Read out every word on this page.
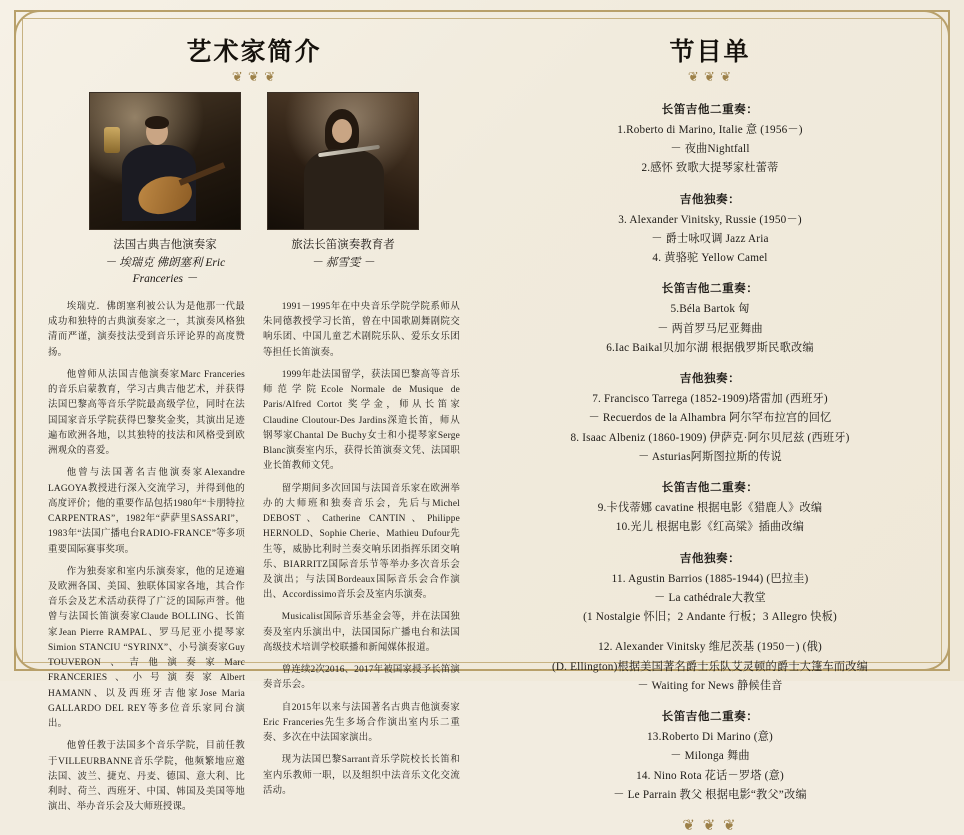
艺术家简介
❦ ❦ ❦
法国古典吉他演奏家
－ 埃瑞克 佛朗塞利 Eric Franceries －
旅法长笛演奏教育者
－ 郝雪雯 －

埃瑞克．佛朗塞利被公认为是他那一代最成功和独特的古典演奏家之一，其演奏风格独清而严谨，演奏技法受到音乐评论界的高度赞扬。

他曾师从法国吉他演奏家Marc Franceries的音乐启蒙教育，学习古典吉他艺术，并获得法国巴黎高等音乐学院最高级学位，同时在法国国家音乐学院获得巴黎奖金奖，其演出足迹遍布欧洲各地，以其独特的技法和风格受到欧洲观众的喜爱。

他曾与法国著名吉他演奏家Alexandre LAGOYA教授进行深入交流学习，并得到他的高度评价；他的重要作品包括1980年“卡朋特拉CARPENTRAS”，1982年“萨萨里SASSARI”，1983年“法国广播电台RADIO-FRANCE”等多项重要国际赛事奖项。

作为独奏家和室内乐演奏家，他的足迹遍及欧洲各国、美国、独联体国家各地，其合作音乐会及艺术活动获得了广泛的国际声誉。他曾与法国长笛演奏家Claude BOLLING、长笛家Jean Pierre RAMPAL、罗马尼亚小提琴家Simion STANCIU “SYRINX”、小号演奏家Guy TOUVERON、吉他演奏家Marc FRANCERIES、小号演奏家Albert HAMANN、以及西班牙吉他家Jose Maria GALLARDO DEL REY等多位音乐家同台演出。

他曾任教于法国多个音乐学院，目前任教于VILLEURBANNE音乐学院，他频繁地应邀法国、波兰、捷克、丹麦、德国、意大利、比利时、荷兰、西班牙、中国、韩国及美国等地演出、举办音乐会及大师班授课。

1991－1995年在中央音乐学院学院系师从朱同德教授学习长笛，曾在中国歌剧舞剧院交响乐团、中国儿童艺术剧院乐队、爱乐女乐团等担任长笛演奏。

1999年赴法国留学，获法国巴黎高等音乐师范学院Ecole Normale de Musique de Paris/Alfred Cortot 奖学金，师从长笛家Claudine Cloutour-Des Jardins深造长笛，师从钢琴家Chantal De Buchy女士和小提琴家Serge Blanc演奏室内乐，获得长笛演奏文凭、法国职业长笛教师文凭。

留学期间多次回国与法国音乐家在欧洲举办的大师班和独奏音乐会，先后与Michel DEBOST、Catherine CANTIN、Philippe HERNOLD、Sophie Cherie、Mathieu Dufour先生等，威胁比利时兰奏交响乐团指挥乐团交响乐、BIARRITZ国际音乐节等举办多次音乐会及演出；与法国Bordeaux国际音乐会合作演出、Accordissimo音乐会及室内乐演奏。

Musicalist国际音乐基金会等，并在法国独奏及室内乐演出中，法国国际广播电台和法国高级技术培训学校联播和新闻媒体报道。

曾连续2次2016、2017年被国家授予长笛演奏音乐会。

自2015年以来与法国著名古典吉他演奏家Eric Franceries先生多场合作演出室内乐二重奏、多次在中法国家演出。

现为法国巴黎Sarrant音乐学院校长长笛和室内乐教师一职，以及组织中法音乐文化交流活动。

节目单
❦ ❦ ❦
长笛吉他二重奏：
1.Roberto di Marino, Italie 意 (1956－)
－ 夜曲Nightfall
2.感怀 致歌大提琴家杜蕾蒂
吉他独奏：
3. Alexander Vinitsky, Russie (1950－)
－ 爵士咏叹调 Jazz Aria
4. 黄骆驼 Yellow Camel
长笛吉他二重奏：
5.Béla Bartok 匈
－ 两首罗马尼亚舞曲
6.Iac Baikal贝加尔湖 根据俄罗斯民歌改编
吉他独奏：
7. Francisco Tarrega (1852-1909)塔雷加 (西班牙)
－ Recuerdos de la Alhambra 阿尔罕布拉宫的回忆
8. Isaac Albeniz (1860-1909) 伊萨克·阿尔贝尼兹 (西班牙)
－ Asturias阿斯图拉斯的传说
长笛吉他二重奏：
9.卡伐蒂娜 cavatine 根据电影《猎鹿人》改编
10.光儿 根据电影《红高粱》插曲改编
吉他独奏：
11. Agustin Barrios (1885-1944) (巴拉圭)
－ La cathédrale大教堂
(1 Nostalgie 怀旧；2 Andante 行板；3 Allegro 快板)
12. Alexander Vinitsky 维尼茨基 (1950－) (俄)
(D. Ellington)根据美国著名爵士乐队艾灵顿的爵士大篷车而改编
－ Waiting for News 静候佳音
长笛吉他二重奏：
13.Roberto Di Marino (意)
－ Milonga 舞曲
14. Nino Rota 花话－罗塔 (意)
－ Le Parrain 教父 根据电影“教父”改编
❦ ❦ ❦
